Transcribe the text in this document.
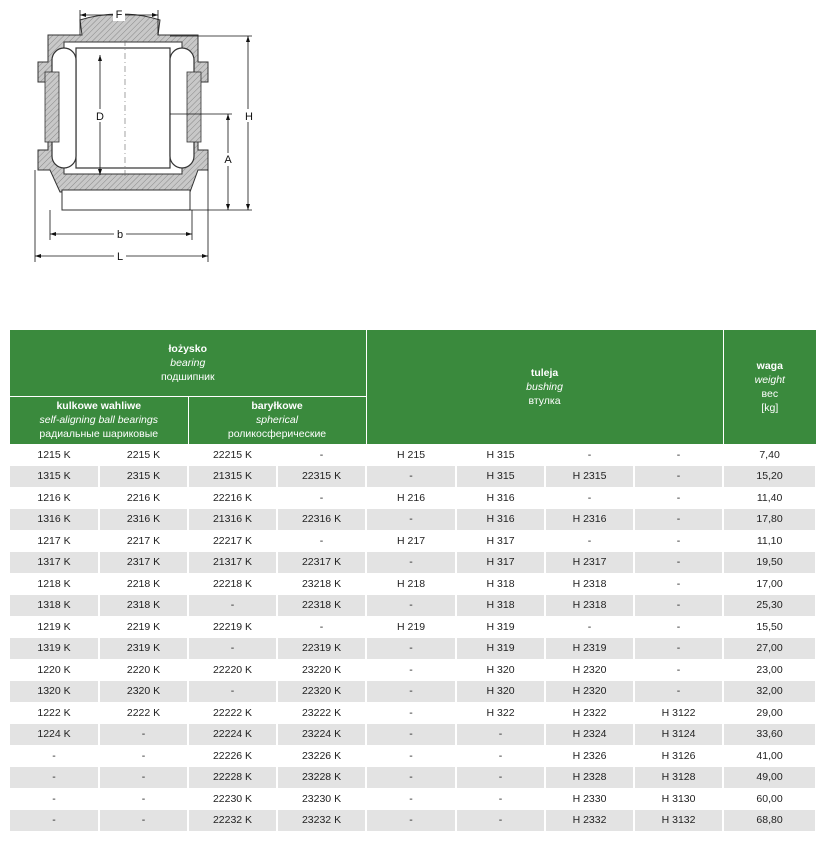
F
D	H
A
b
L
łożysko
bearing
подшипник				tuleja
bushing
втулка				waga
weight
вес
[kg]

kulkowe wahliwe
self-aligning ball bearings
радиальные шариковые		baryłkowe
spherical
роликосферические						

1215 K	2215 K	22215 K	-	H 215	H 315	-	-	7,40
1315 K	2315 K	21315 K	22315 K	-	H 315	H 2315	-	15,20
1216 K	2216 K	22216 K	-	H 216	H 316	-	-	11,40
1316 K	2316 K	21316 K	22316 K	-	H 316	H 2316	-	17,80
1217 K	2217 K	22217 K	-	H 217	H 317	-	-	11,10
1317 K	2317 K	21317 K	22317 K	-	H 317	H 2317	-	19,50
1218 K	2218 K	22218 K	23218 K	H 218	H 318	H 2318	-	17,00
1318 K	2318 K	-	22318 K	-	H 318	H 2318	-	25,30
1219 K	2219 K	22219 K	-	H 219	H 319	-	-	15,50
1319 K	2319 K	-	22319 K	-	H 319	H 2319	-	27,00
1220 K	2220 K	22220 K	23220 K	-	H 320	H 2320	-	23,00
1320 K	2320 K	-	22320 K	-	H 320	H 2320	-	32,00
1222 K	2222 K	22222 K	23222 K	-	H 322	H 2322	H 3122	29,00
1224 K	-	22224 K	23224 K	-	-	H 2324	H 3124	33,60
-	-	22226 K	23226 K	-	-	H 2326	H 3126	41,00
-	-	22228 K	23228 K	-	-	H 2328	H 3128	49,00
-	-	22230 K	23230 K	-	-	H 2330	H 3130	60,00
-	-	22232 K	23232 K	-	-	H 2332	H 3132	68,80
